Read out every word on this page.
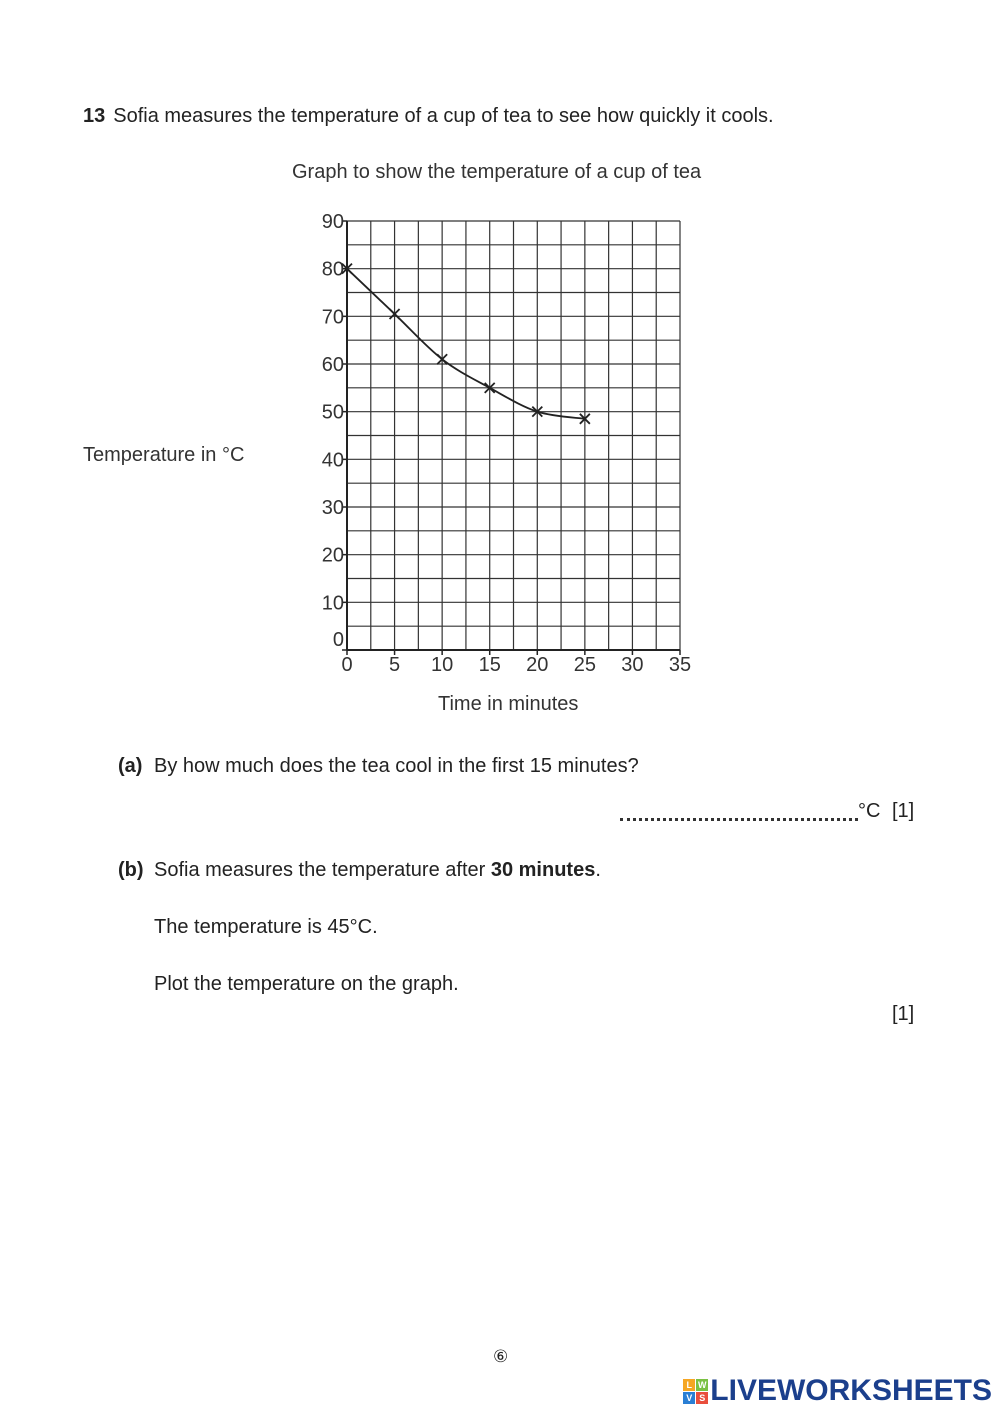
13 Sofia measures the temperature of a cup of tea to see how quickly it cools.
Graph to show the temperature of a cup of tea
Temperature in °C
Time in minutes
0
10
20
30
40
50
60
70
80
90
0 5 10 15 20 25 30 35
(a) By how much does the tea cool in the first 15 minutes?
°C [1]
(b) Sofia measures the temperature after 30 minutes.
The temperature is 45°C.
Plot the temperature on the graph.
[1]
⑥
L W
V S LIVEWORKSHEETS
